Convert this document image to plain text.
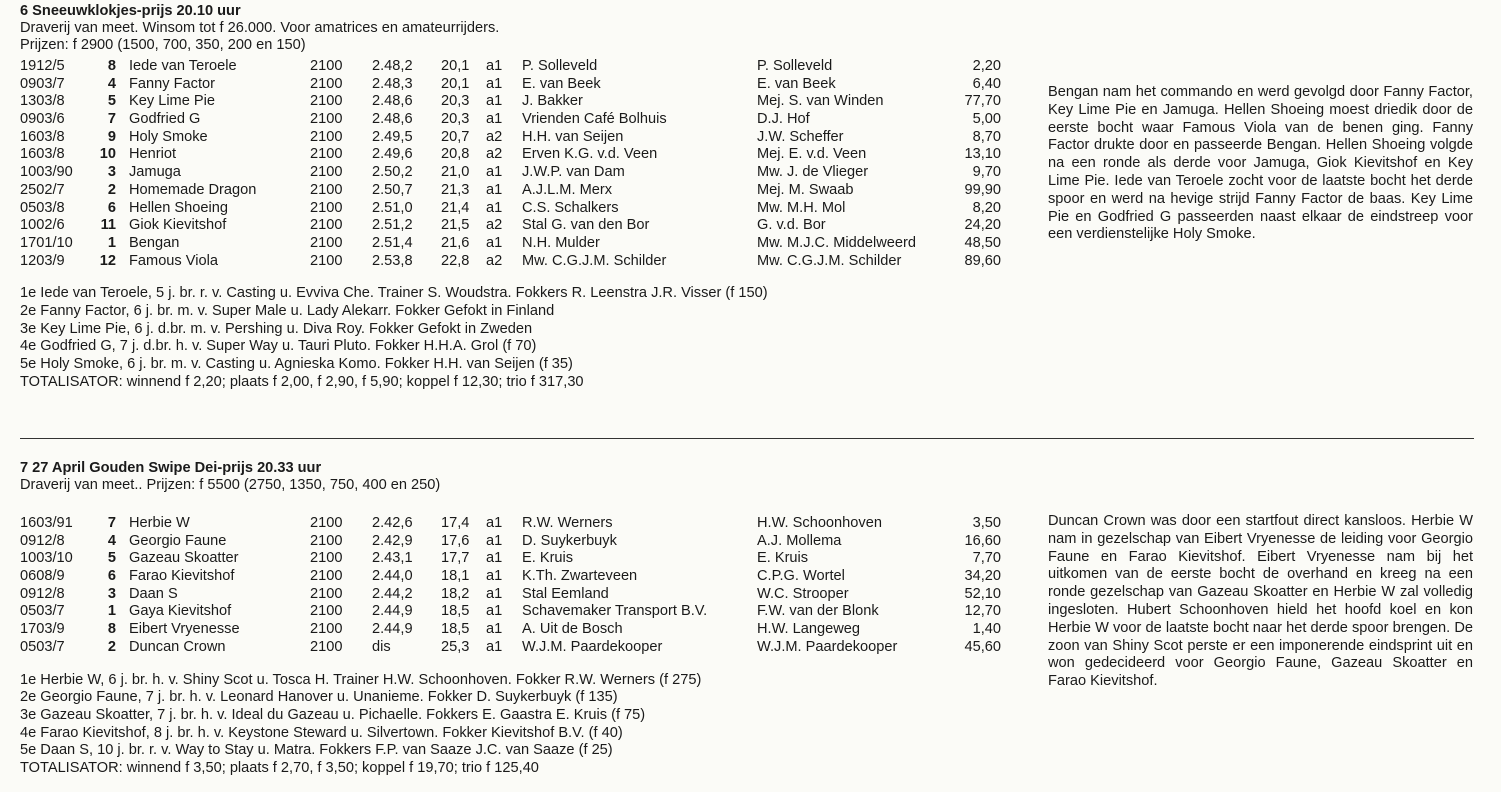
6 Sneeuwklokjes-prijs 20.10 uur
Draverij van meet. Winsom tot f 26.000. Voor amatrices en amateurrijders.
Prijzen: f 2900 (1500, 700, 350, 200 en 150)
1912/5	8 Iede van Teroele	2100 2.48,2 20,1 a1 P. Solleveld	P. Solleveld	2,20
0903/7	4 Fanny Factor	2100 2.48,3 20,1 a1 E. van Beek	E. van Beek	6,40
1303/8	5 Key Lime Pie	2100 2.48,6 20,3 a1 J. Bakker	Mej. S. van Winden	77,70
0903/6	7 Godfried G	2100 2.48,6 20,3 a1 Vrienden Café Bolhuis	D.J. Hof	5,00
1603/8	9 Holy Smoke	2100 2.49,5 20,7 a2 H.H. van Seijen	J.W. Scheffer	8,70
1603/8 10 Henriot	2100 2.49,6 20,8 a2 Erven K.G. v.d. Veen	Mej. E. v.d. Veen	13,10
1003/90	3 Jamuga	2100 2.50,2 21,0 a1 J.W.P. van Dam	Mw. J. de Vlieger	9,70
2502/7	2 Homemade Dragon	2100 2.50,7 21,3 a1 A.J.L.M. Merx	Mej. M. Swaab	99,90
0503/8	6 Hellen Shoeing	2100 2.51,0 21,4 a1 C.S. Schalkers	Mw. M.H. Mol	8,20
1002/6 11 Giok Kievitshof	2100 2.51,2 21,5 a2 Stal G. van den Bor	G. v.d. Bor	24,20
1701/10	1 Bengan	2100 2.51,4 21,6 a1 N.H. Mulder	Mw. M.J.C. Middelweerd	48,50
1203/9 12 Famous Viola	2100 2.53,8 22,8 a2 Mw. C.G.J.M. Schilder	Mw. C.G.J.M. Schilder	89,60
Bengan nam het commando en werd gevolgd door Fanny Factor, Key Lime Pie en Jamuga. Hellen Shoeing moest driedik door de eerste bocht waar Famous Viola van de benen ging. Fanny Factor drukte door en passeerde Bengan. Hellen Shoeing volgde na een ronde als derde voor Jamuga, Giok Kievitshof en Key Lime Pie. Iede van Teroele zocht voor de laatste bocht het derde spoor en werd na hevige strijd Fanny Factor de baas. Key Lime Pie en Godfried G passeerden naast elkaar de eindstreep voor een verdienstelijke Holy Smoke.
1e Iede van Teroele, 5 j. br. r. v. Casting u. Evviva Che. Trainer S. Woudstra. Fokkers R. Leenstra J.R. Visser (f 150)
2e Fanny Factor, 6 j. br. m. v. Super Male u. Lady Alekarr. Fokker Gefokt in Finland
3e Key Lime Pie, 6 j. d.br. m. v. Pershing u. Diva Roy. Fokker Gefokt in Zweden
4e Godfried G, 7 j. d.br. h. v. Super Way u. Tauri Pluto. Fokker H.H.A. Grol (f 70)
5e Holy Smoke, 6 j. br. m. v. Casting u. Agnieska Komo. Fokker H.H. van Seijen (f 35)
TOTALISATOR: winnend f 2,20; plaats f 2,00, f 2,90, f 5,90; koppel f 12,30; trio f 317,30
7 27 April Gouden Swipe Dei-prijs 20.33 uur
Draverij van meet.. Prijzen: f 5500 (2750, 1350, 750, 400 en 250)
1603/91	7 Herbie W	2100 2.42,6 17,4 a1 R.W. Werners	H.W. Schoonhoven	3,50
0912/8	4 Georgio Faune	2100 2.42,9 17,6 a1 D. Suykerbuyk	A.J. Mollema	16,60
1003/10	5 Gazeau Skoatter	2100 2.43,1 17,7 a1 E. Kruis	E. Kruis	7,70
0608/9	6 Farao Kievitshof	2100 2.44,0 18,1 a1 K.Th. Zwarteveen	C.P.G. Wortel	34,20
0912/8	3 Daan S	2100 2.44,2 18,2 a1 Stal Eemland	W.C. Strooper	52,10
0503/7	1 Gaya Kievitshof	2100 2.44,9 18,5 a1 Schavemaker Transport B.V.	F.W. van der Blonk	12,70
1703/9	8 Eibert Vryenesse	2100 2.44,9 18,5 a1 A. Uit de Bosch	H.W. Langeweg	1,40
0503/7	2 Duncan Crown	2100 dis	25,3 a1 W.J.M. Paardekooper	W.J.M. Paardekooper	45,60
Duncan Crown was door een startfout direct kansloos. Herbie W nam in gezelschap van Eibert Vryenesse de leiding voor Georgio Faune en Farao Kievitshof. Eibert Vryenesse nam bij het uitkomen van de eerste bocht de overhand en kreeg na een ronde gezelschap van Gazeau Skoatter en Herbie W zal volledig ingesloten. Hubert Schoonhoven hield het hoofd koel en kon Herbie W voor de laatste bocht naar het derde spoor brengen. De zoon van Shiny Scot perste er een imponerende eindsprint uit en won gedecideerd voor Georgio Faune, Gazeau Skoatter en Farao Kievitshof.
1e Herbie W, 6 j. br. h. v. Shiny Scot u. Tosca H. Trainer H.W. Schoonhoven. Fokker R.W. Werners (f 275)
2e Georgio Faune, 7 j. br. h. v. Leonard Hanover u. Unanieme. Fokker D. Suykerbuyk (f 135)
3e Gazeau Skoatter, 7 j. br. h. v. Ideal du Gazeau u. Pichaelle. Fokkers E. Gaastra E. Kruis (f 75)
4e Farao Kievitshof, 8 j. br. h. v. Keystone Steward u. Silvertown. Fokker Kievitshof B.V. (f 40)
5e Daan S, 10 j. br. r. v. Way to Stay u. Matra. Fokkers F.P. van Saaze J.C. van Saaze (f 25)
TOTALISATOR: winnend f 3,50; plaats f 2,70, f 3,50; koppel f 19,70; trio f 125,40
